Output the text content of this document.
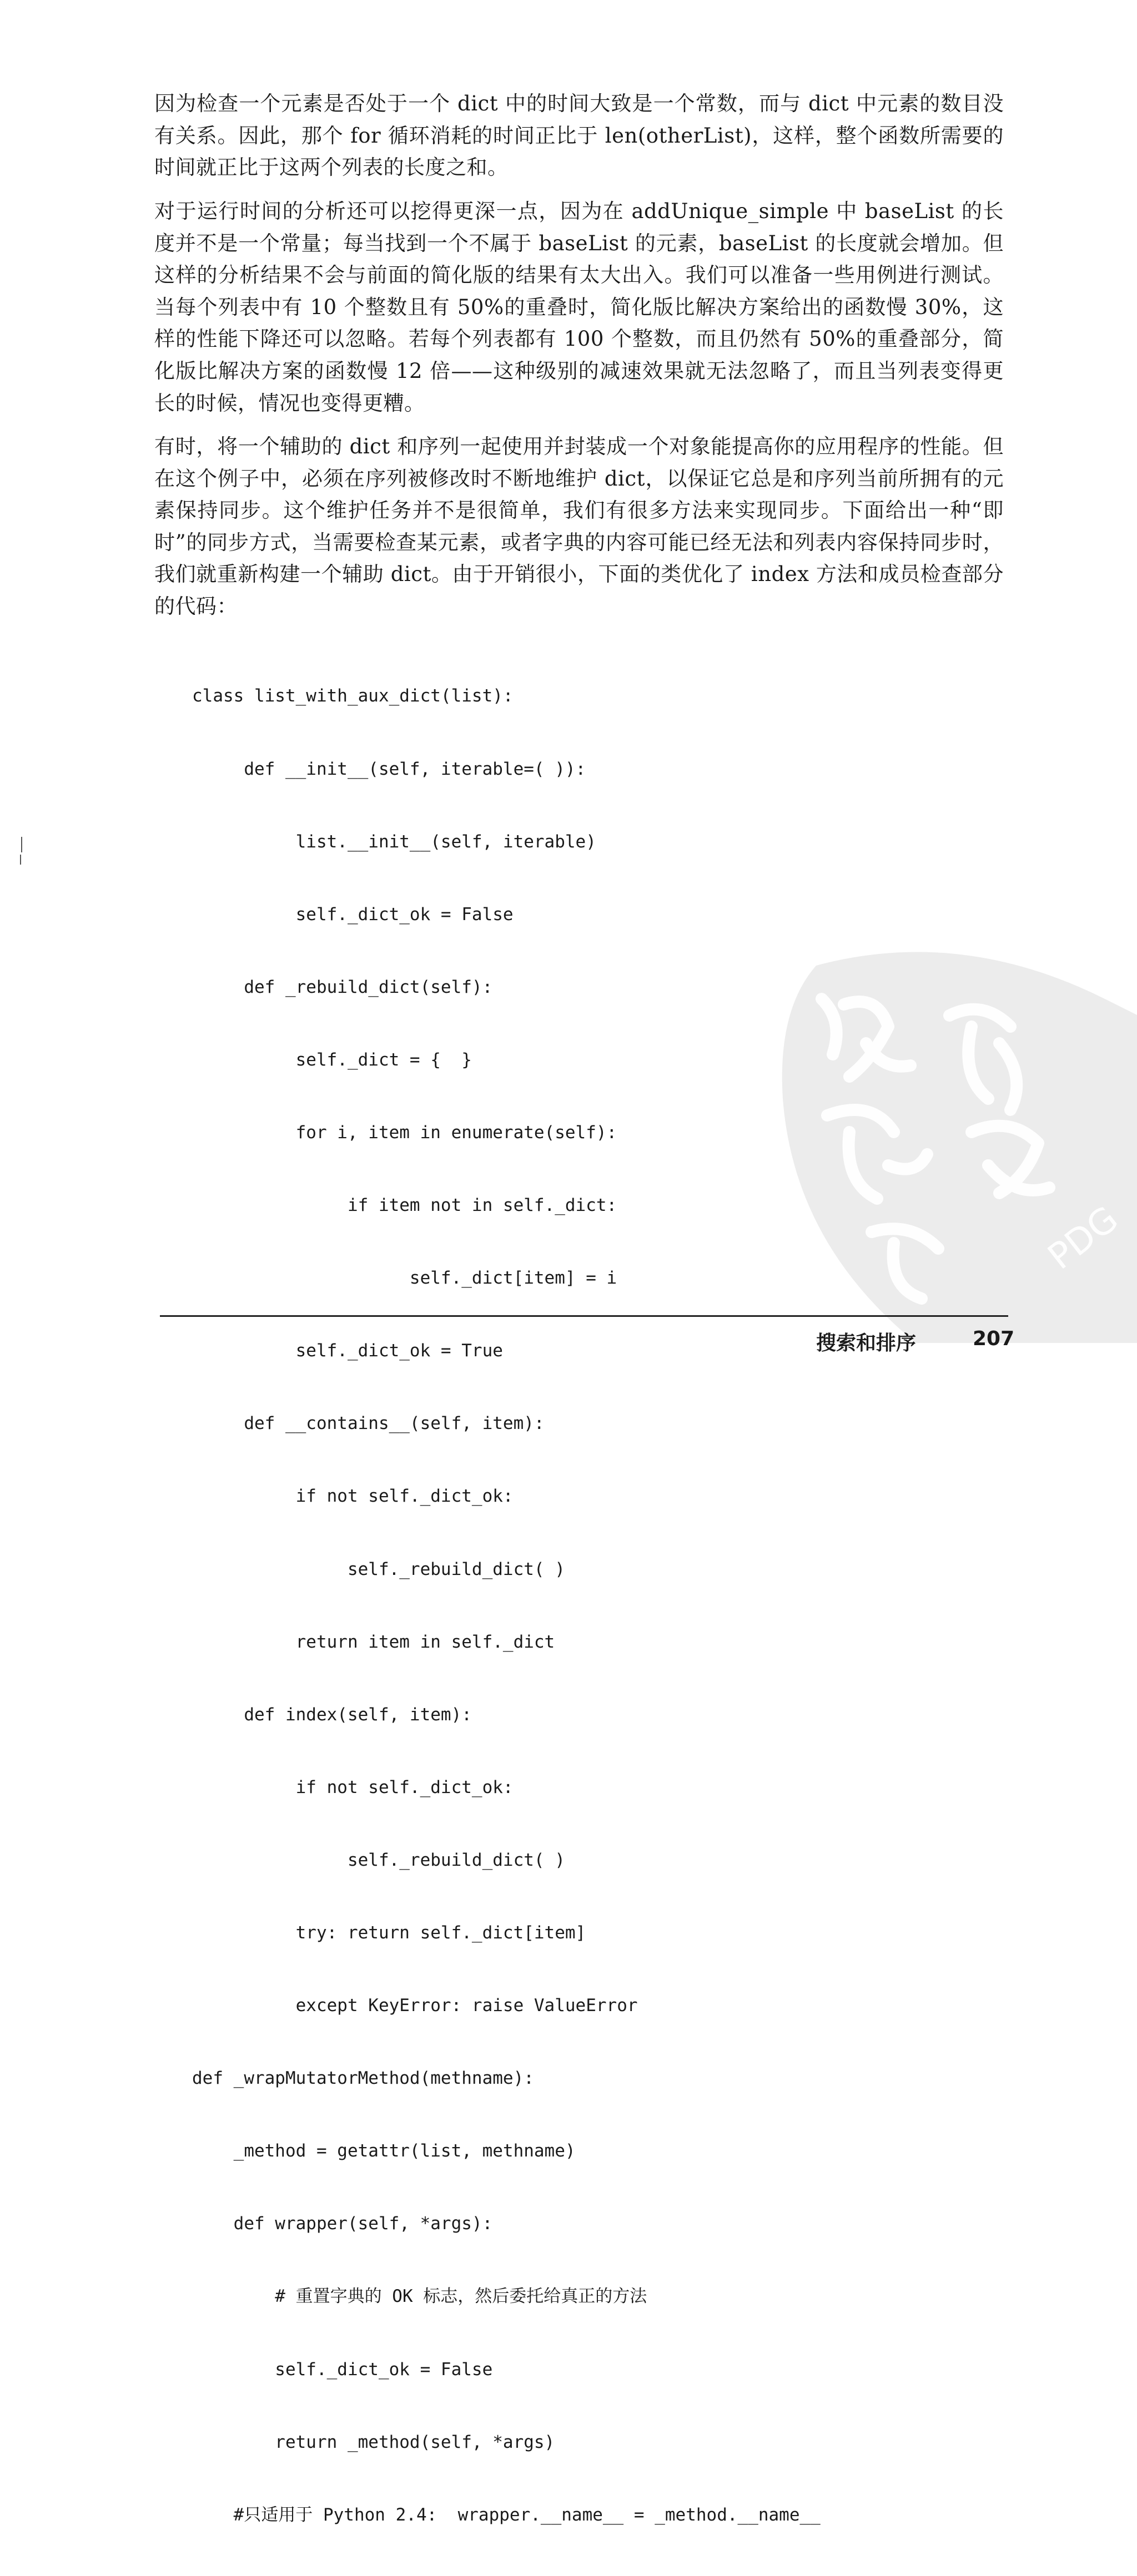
因为检查一个元素是否处于一个 dict 中的时间大致是一个常数，而与 dict 中元素的数目没有关系。因此，那个 for 循环消耗的时间正比于 len(otherList)，这样，整个函数所需要的时间就正比于这两个列表的长度之和。

对于运行时间的分析还可以挖得更深一点，因为在 addUnique_simple 中 baseList 的长度并不是一个常量；每当找到一个不属于 baseList 的元素，baseList 的长度就会增加。但这样的分析结果不会与前面的简化版的结果有太大出入。我们可以准备一些用例进行测试。当每个列表中有 10 个整数且有 50%的重叠时，简化版比解决方案给出的函数慢 30%，这样的性能下降还可以忽略。若每个列表都有 100 个整数，而且仍然有 50%的重叠部分，简化版比解决方案的函数慢 12 倍——这种级别的减速效果就无法忽略了，而且当列表变得更长的时候，情况也变得更糟。

有时，将一个辅助的 dict 和序列一起使用并封装成一个对象能提高你的应用程序的性能。但在这个例子中，必须在序列被修改时不断地维护 dict，以保证它总是和序列当前所拥有的元素保持同步。这个维护任务并不是很简单，我们有很多方法来实现同步。下面给出一种“即时”的同步方式，当需要检查某元素，或者字典的内容可能已经无法和列表内容保持同步时，我们就重新构建一个辅助 dict。由于开销很小，下面的类优化了 index 方法和成员检查部分的代码：

class list_with_aux_dict(list):

def __init__(self, iterable=( )):

list.__init__(self, iterable)

self._dict_ok = False

def _rebuild_dict(self):

self._dict = {  }

for i, item in enumerate(self):

if item not in self._dict:

self._dict[item] = i

self._dict_ok = True

def __contains__(self, item):

if not self._dict_ok:

self._rebuild_dict( )

return item in self._dict

def index(self, item):

if not self._dict_ok:

self._rebuild_dict( )

try: return self._dict[item]

except KeyError: raise ValueError

def _wrapMutatorMethod(methname):

_method = getattr(list, methname)

def wrapper(self, *args):

# 重置字典的 OK 标志，然后委托给真正的方法

self._dict_ok = False

return _method(self, *args)

#只适用于 Python 2.4:  wrapper.__name__ = _method.__name__

PDG
搜索和排序	207
